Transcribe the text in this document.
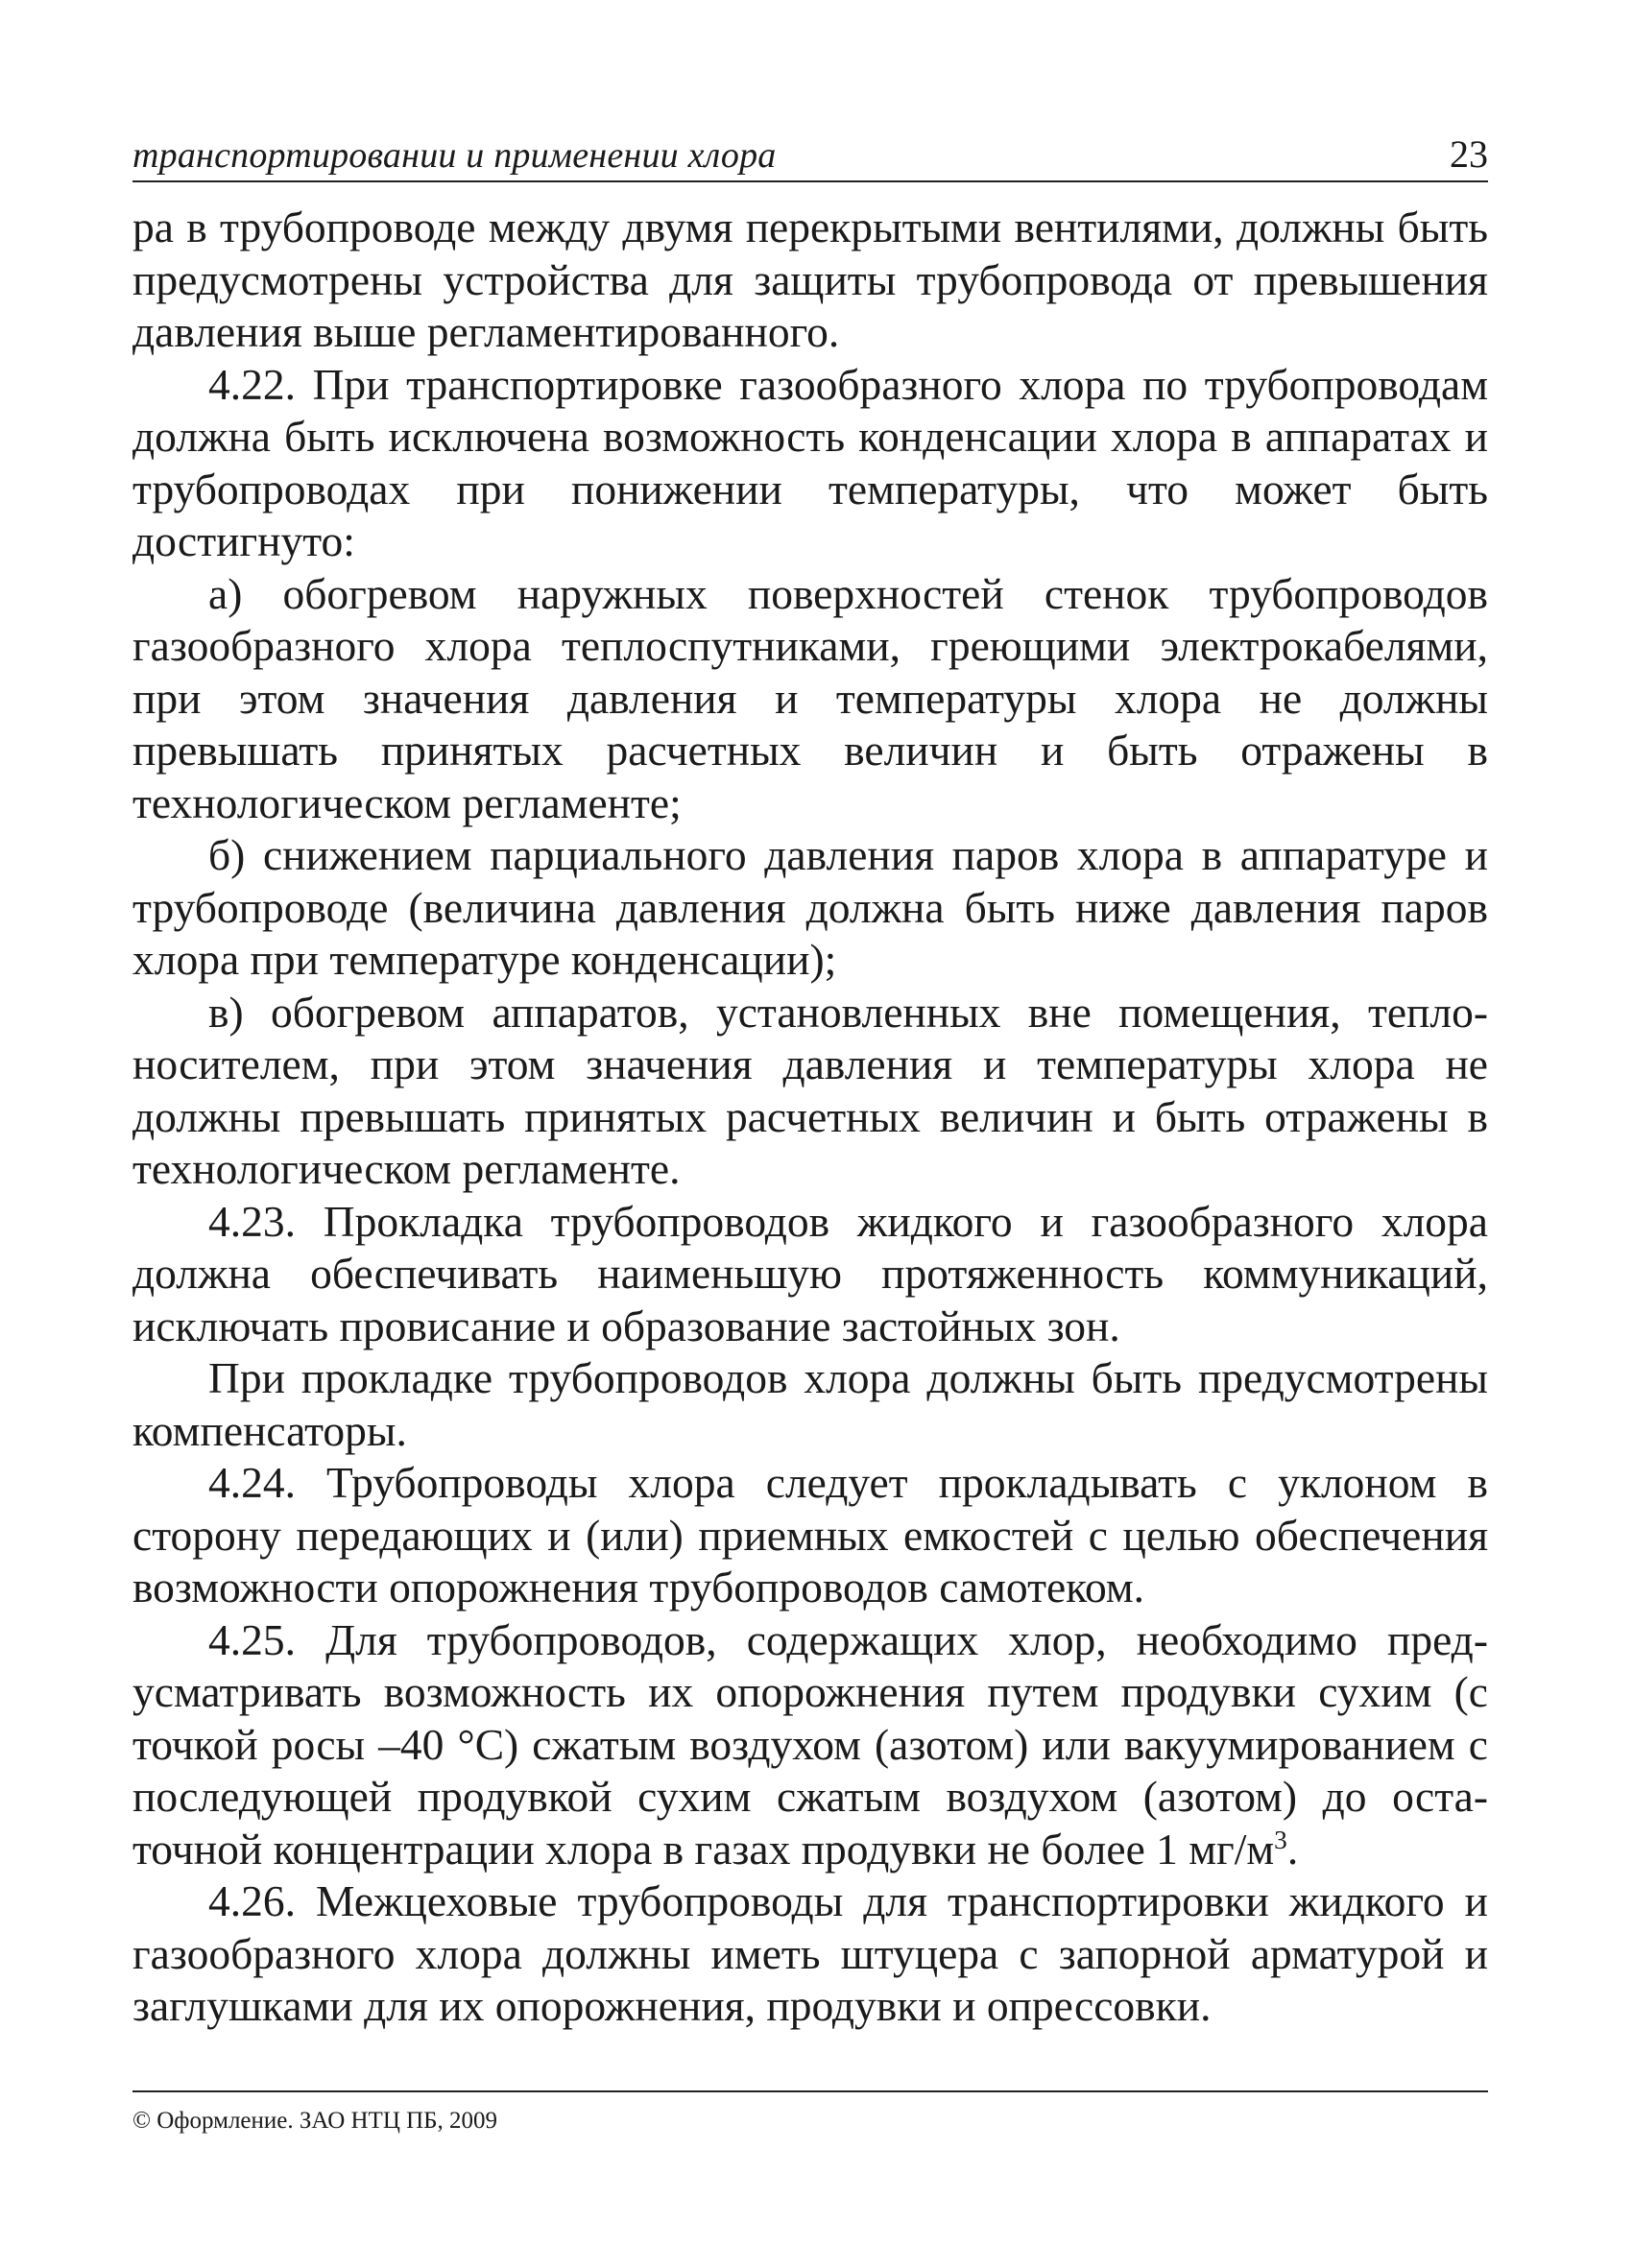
транспортировании и применении хлора	23

ра в трубопроводе между двумя перекрытыми вентилями, должны быть предусмотрены устройства для защиты трубопровода от превышения давления выше регламентированного.

4.22. При транспортировке газообразного хлора по трубопроводам должна быть исключена возможность конденсации хлора в аппаратах и трубопроводах при понижении температуры, что может быть достигнуто:

а) обогревом наружных поверхностей стенок трубопроводов газообразного хлора теплоспутниками, греющими электрокабелями, при этом значения давления и температуры хлора не должны превышать принятых расчетных величин и быть отражены в технологическом регламенте;

б) снижением парциального давления паров хлора в аппаратуре и трубопроводе (величина давления должна быть ниже давления паров хлора при температуре конденсации);

в) обогревом аппаратов, установленных вне помещения, теплоносителем, при этом значения давления и температуры хлора не должны превышать принятых расчетных величин и быть отражены в технологическом регламенте.

4.23. Прокладка трубопроводов жидкого и газообразного хлора должна обеспечивать наименьшую протяженность коммуникаций, исключать провисание и образование застойных зон.

При прокладке трубопроводов хлора должны быть предусмотрены компенсаторы.

4.24. Трубопроводы хлора следует прокладывать с уклоном в сторону передающих и (или) приемных емкостей с целью обеспечения возможности опорожнения трубопроводов самотеком.

4.25. Для трубопроводов, содержащих хлор, необходимо предусматривать возможность их опорожнения путем продувки сухим (с точкой росы –40 °С) сжатым воздухом (азотом) или вакуумированием с последующей продувкой сухим сжатым воздухом (азотом) до остаточной концентрации хлора в газах продувки не более 1 $мг/м^3$.

4.26. Межцеховые трубопроводы для транспортировки жидкого и газообразного хлора должны иметь штуцера с запорной арматурой и заглушками для их опорожнения, продувки и опрессовки.

© Оформление. ЗАО НТЦ ПБ, 2009
